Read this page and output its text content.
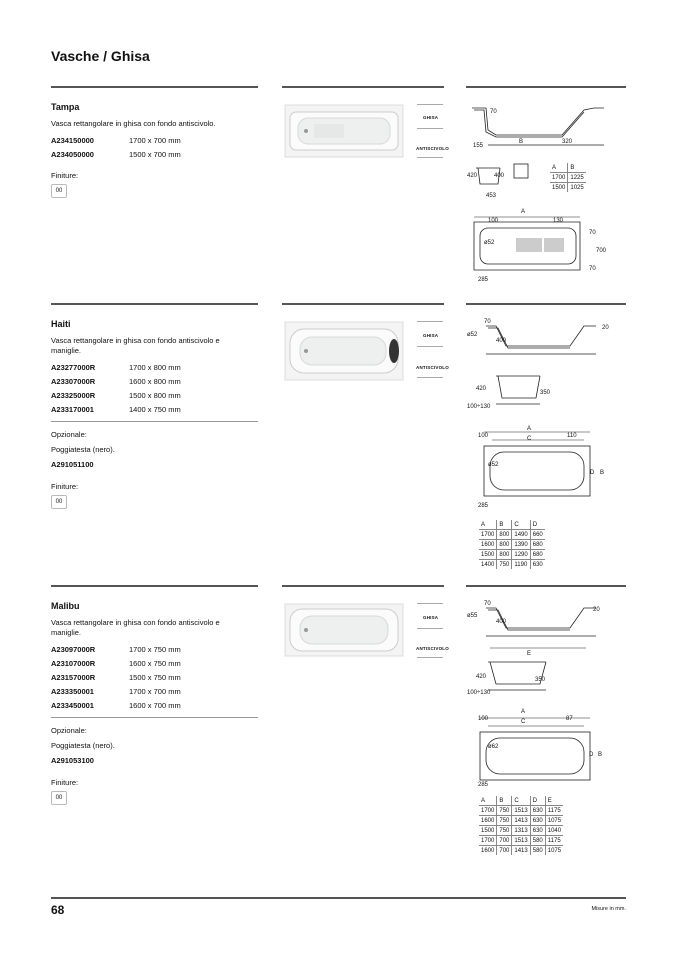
Vasche / Ghisa
Tampa
Vasca rettangolare in ghisa con fondo antiscivolo.
A234150000	1700 x 700 mm
A234050000	1500 x 700 mm
Finiture:
00
GHISA
ANTISCIVOLO
70
155
B	320
420	400
453
A	B
1700	1225
1500	1025
A
100	130
70
700
70
ø52
285
Haiti
Vasca rettangolare in ghisa con fondo antiscivolo e maniglie.
A23277000R	1700 x 800 mm
A23307000R	1600 x 800 mm
A23325000R	1500 x 800 mm
A233170001	1400 x 750 mm
Opzionale:
Poggiatesta (nero).
A291051100
Finiture:
00
GHISA
ANTISCIVOLO
70
20
ø52
400
420
350
100÷130
A
100	C	110
D B
ø52
285
A	B	C	D
1700	800	1490	660
1600	800	1390	680
1500	800	1290	680
1400	750	1190	630
Malibu
Vasca rettangolare in ghisa con fondo antiscivolo e maniglie.
A23097000R	1700 x 750 mm
A23107000R	1600 x 750 mm
A23157000R	1500 x 750 mm
A233350001	1700 x 700 mm
A233450001	1600 x 700 mm
Opzionale:
Poggiatesta (nero).
A291053100
Finiture:
00
GHISA
ANTISCIVOLO
70
20
ø55
400
E
420	350
100÷130
A
100	C	87
D B
ø62
285
A	B	C	D	E
1700	750	1513	630	1175
1600	750	1413	630	1075
1500	750	1313	630	1040
1700	700	1513	580	1175
1600	700	1413	580	1075
68	Misure in mm.
